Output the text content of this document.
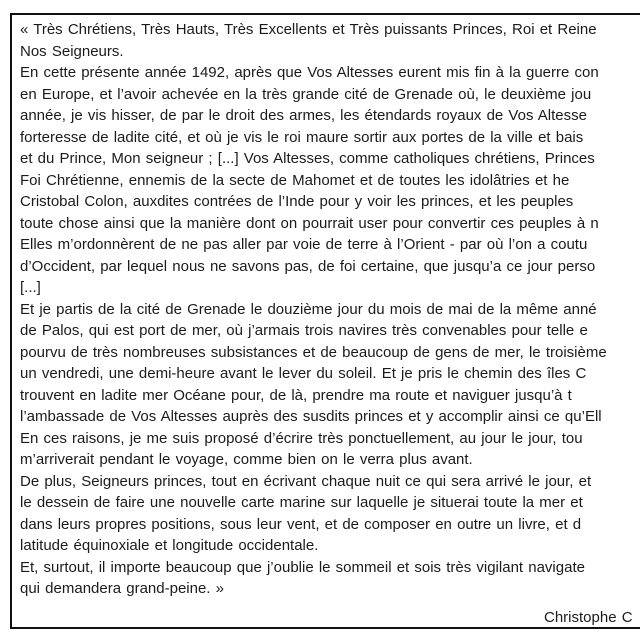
« Très Chrétiens, Très Hauts, Très Excellents et Très puissants Princes, Roi et Reine
Nos Seigneurs.
En cette présente année 1492, après que Vos Altesses eurent mis fin à la guerre con
en Europe, et l’avoir achevée en la très grande cité de Grenade où, le deuxième jou
année, je vis hisser, de par le droit des armes, les étendards royaux de Vos Altesse
forteresse de ladite cité, et où je vis le roi maure sortir aux portes de la ville et bais
et du Prince, Mon seigneur ; [...] Vos Altesses, comme catholiques chrétiens, Princes
Foi Chrétienne, ennemis de la secte de Mahomet et de toutes les idolâtries et he
Cristobal Colon, auxdites contrées de l’Inde pour y voir les princes, et les peuples
toute chose ainsi que la manière dont on pourrait user pour convertir ces peuples à n
Elles m’ordonnèrent de ne pas aller par voie de terre à l’Orient - par où l’on a coutu
d’Occident, par lequel nous ne savons pas, de foi certaine, que jusqu’a ce jour perso
[...]
Et je partis de la cité de Grenade le douzième jour du mois de mai de la même anné
de Palos, qui est port de mer, où j’armais trois navires très convenables pour telle e
pourvu de très nombreuses subsistances et de beaucoup de gens de mer, le troisième
un vendredi, une demi-heure avant le lever du soleil. Et je pris le chemin des îles C
trouvent en ladite mer Océane pour, de là, prendre ma route et naviguer jusqu’à t
l’ambassade de Vos Altesses auprès des susdits princes et y accomplir ainsi ce qu’Ell
En ces raisons, je me suis proposé d’écrire très ponctuellement, au jour le jour, tou
m’arriverait pendant le voyage, comme bien on le verra plus avant.
De plus, Seigneurs princes, tout en écrivant chaque nuit ce qui sera arrivé le jour, et
le dessein de faire une nouvelle carte marine sur laquelle je situerai toute la mer et
dans leurs propres positions, sous leur vent, et de composer en outre un livre, et d
latitude équinoxiale et longitude occidentale.
Et, surtout, il importe beaucoup que j’oublie le sommeil et sois très vigilant navigate
qui demandera grand-peine. »
Christophe C
